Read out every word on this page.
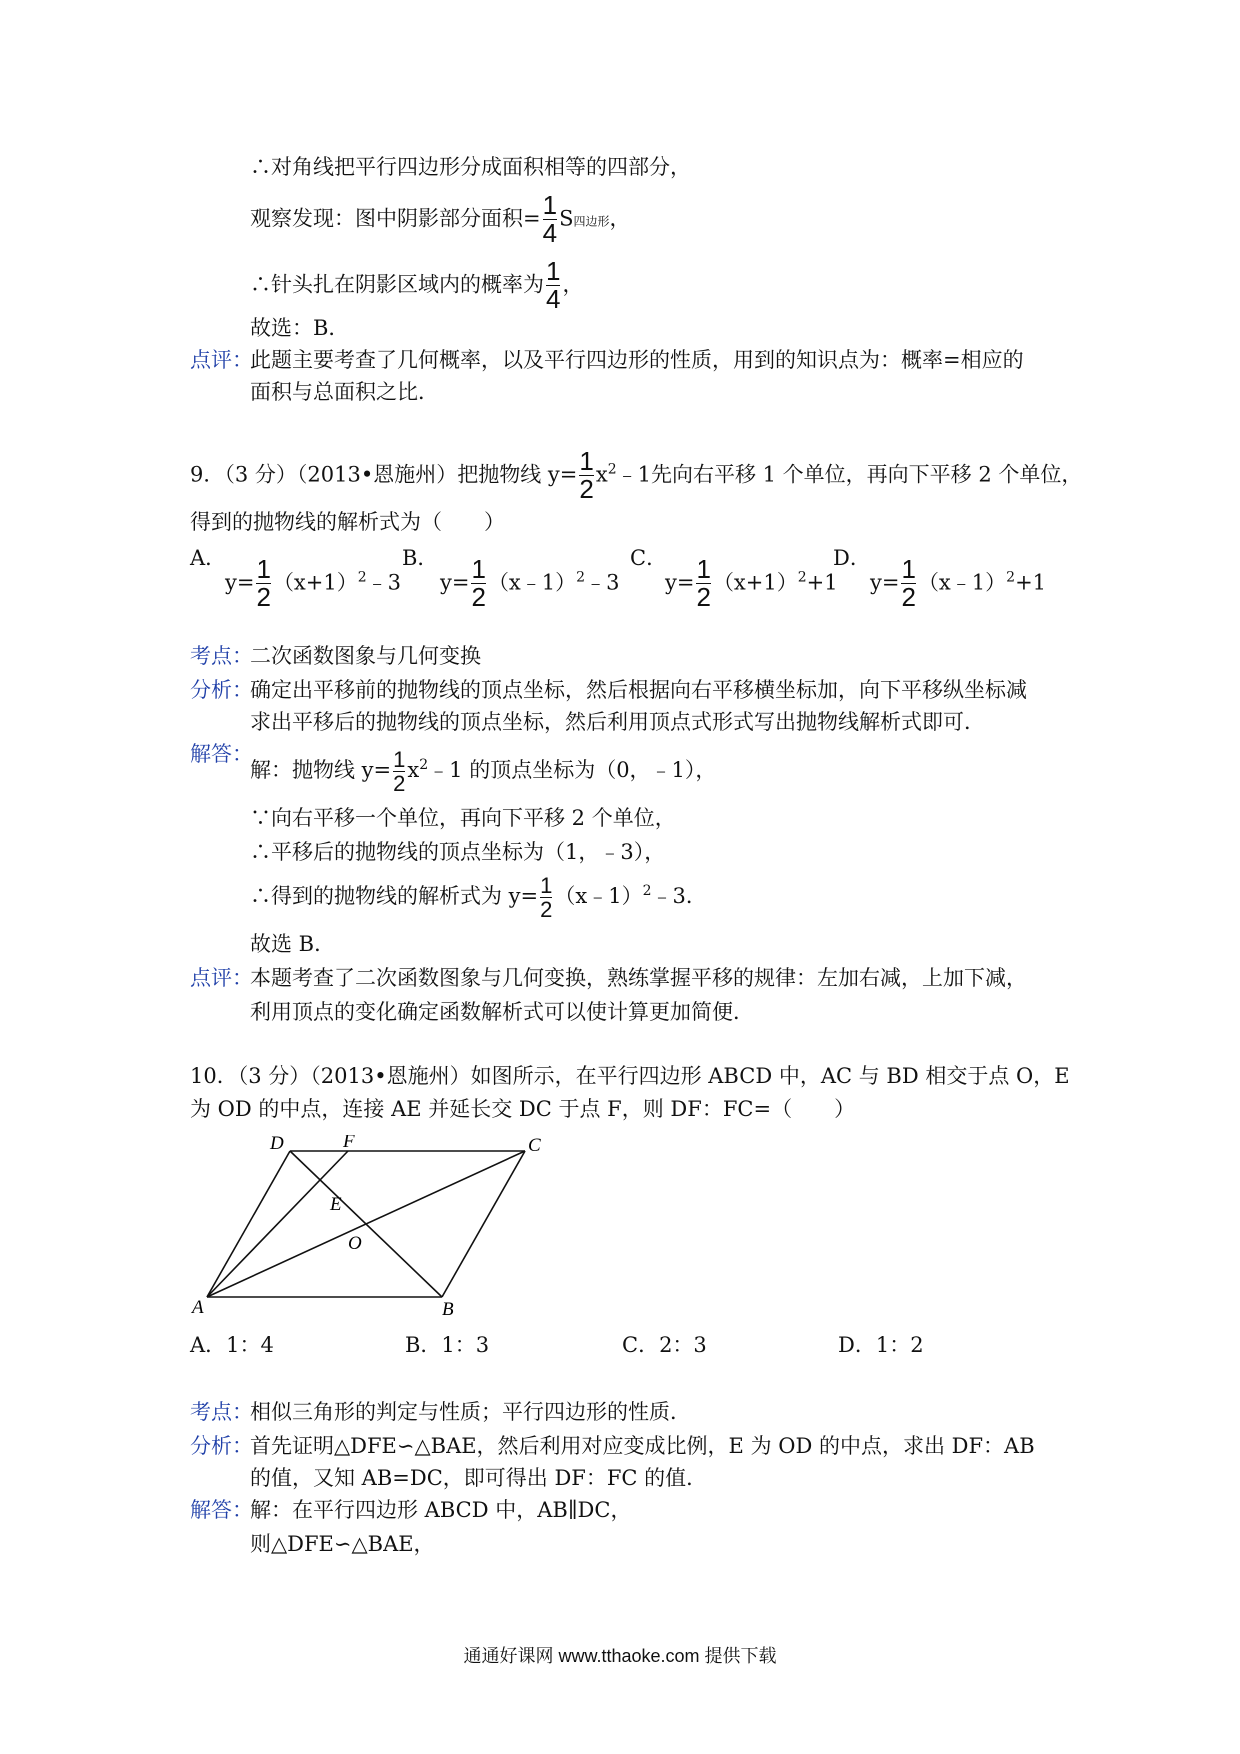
∴对角线把平行四边形分成面积相等的四部分，
观察发现：图中阴影部分面积= $\frac{1}{4}$ S四边形，
∴针头扎在阴影区域内的概率为 $\frac{1}{4}$ ，
故选：B．
点评：
此题主要考查了几何概率，以及平行四边形的性质，用到的知识点为：概率=相应的
面积与总面积之比．
9．（3 分）（2013•恩施州）把抛物线 $y= \frac{1}{2}$ $x^2﹣1$先向右平移 1 个单位，再向下平移 2 个单位，
得到的抛物线的解析式为（　　）
A．
$y= \frac{1}{2}$ $(x+1)^2﹣3$
B．
$y= \frac{1}{2}$ （x﹣1）$^2$﹣3
C．
$y= \frac{1}{2} (x+1)^2+1$
D．
$y= \frac{1}{2}$ （x﹣1）$^2$+1
考点：
二次函数图象与几何变换
分析：
确定出平移前的抛物线的顶点坐标，然后根据向右平移横坐标加，向下平移纵坐标减
求出平移后的抛物线的顶点坐标，然后利用顶点式形式写出抛物线解析式即可．
解答：
解：抛物线 $y= \frac{1}{2}$ $x^2﹣1$ 的顶点坐标为（0，﹣1），
∵向右平移一个单位，再向下平移 2 个单位，
∴平移后的抛物线的顶点坐标为（1，﹣3），
∴得到的抛物线的解析式为 $y= \frac{1}{2}$ （x﹣1）$^2$﹣3．
故选 B．
点评：
本题考查了二次函数图象与几何变换，熟练掌握平移的规律：左加右减，上加下减，
利用顶点的变化确定函数解析式可以使计算更加简便．
10．（3 分）（2013•恩施州）如图所示，在平行四边形 ABCD 中，AC 与 BD 相交于点 O，E
为 OD 的中点，连接 AE 并延长交 DC 于点 F，则 DF：FC=（　　）
A	B
C
D
E
F
O
A．1：4	B．1：3	C．2：3	D．1：2
考点：
相似三角形的判定与性质；平行四边形的性质．
分析：
首先证明△DFE∽△BAE，然后利用对应变成比例，E 为 OD 的中点，求出 DF：AB
的值，又知 AB=DC，即可得出 DF：FC 的值．
解答：
解：在平行四边形 ABCD 中，AB∥DC，
则△DFE∽△BAE，
通通好课网 www.tthaoke.com 提供下载
